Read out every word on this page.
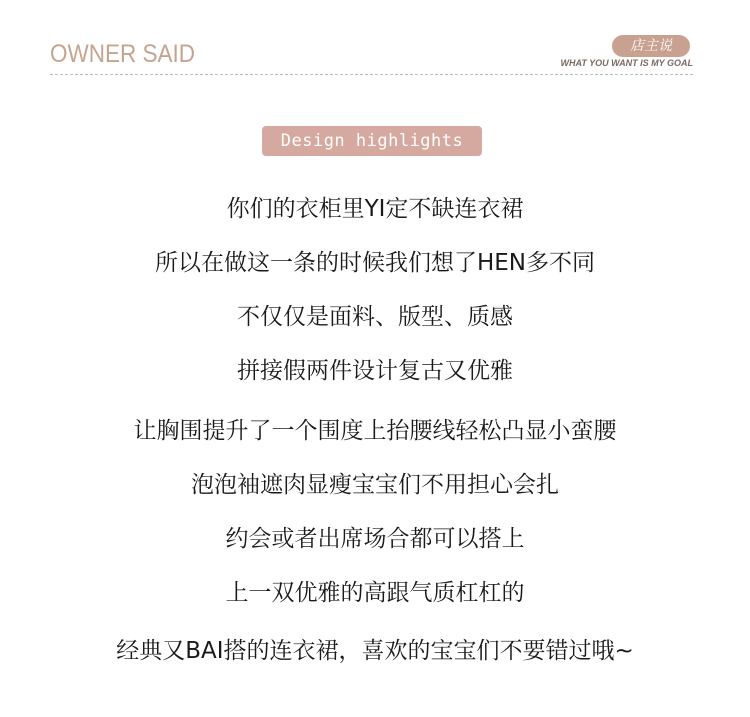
OWNER SAID	店主说
WHAT YOU WANT IS MY GOAL
Design highlights
你们的衣柜里YI定不缺连衣裙
所以在做这一条的时候我们想了HEN多不同
不仅仅是面料、版型、质感
拼接假两件设计复古又优雅
让胸围提升了一个围度上抬腰线轻松凸显小蛮腰
泡泡袖遮肉显瘦宝宝们不用担心会扎
约会或者出席场合都可以搭上
上一双优雅的高跟气质杠杠的
经典又BAI搭的连衣裙，喜欢的宝宝们不要错过哦~
